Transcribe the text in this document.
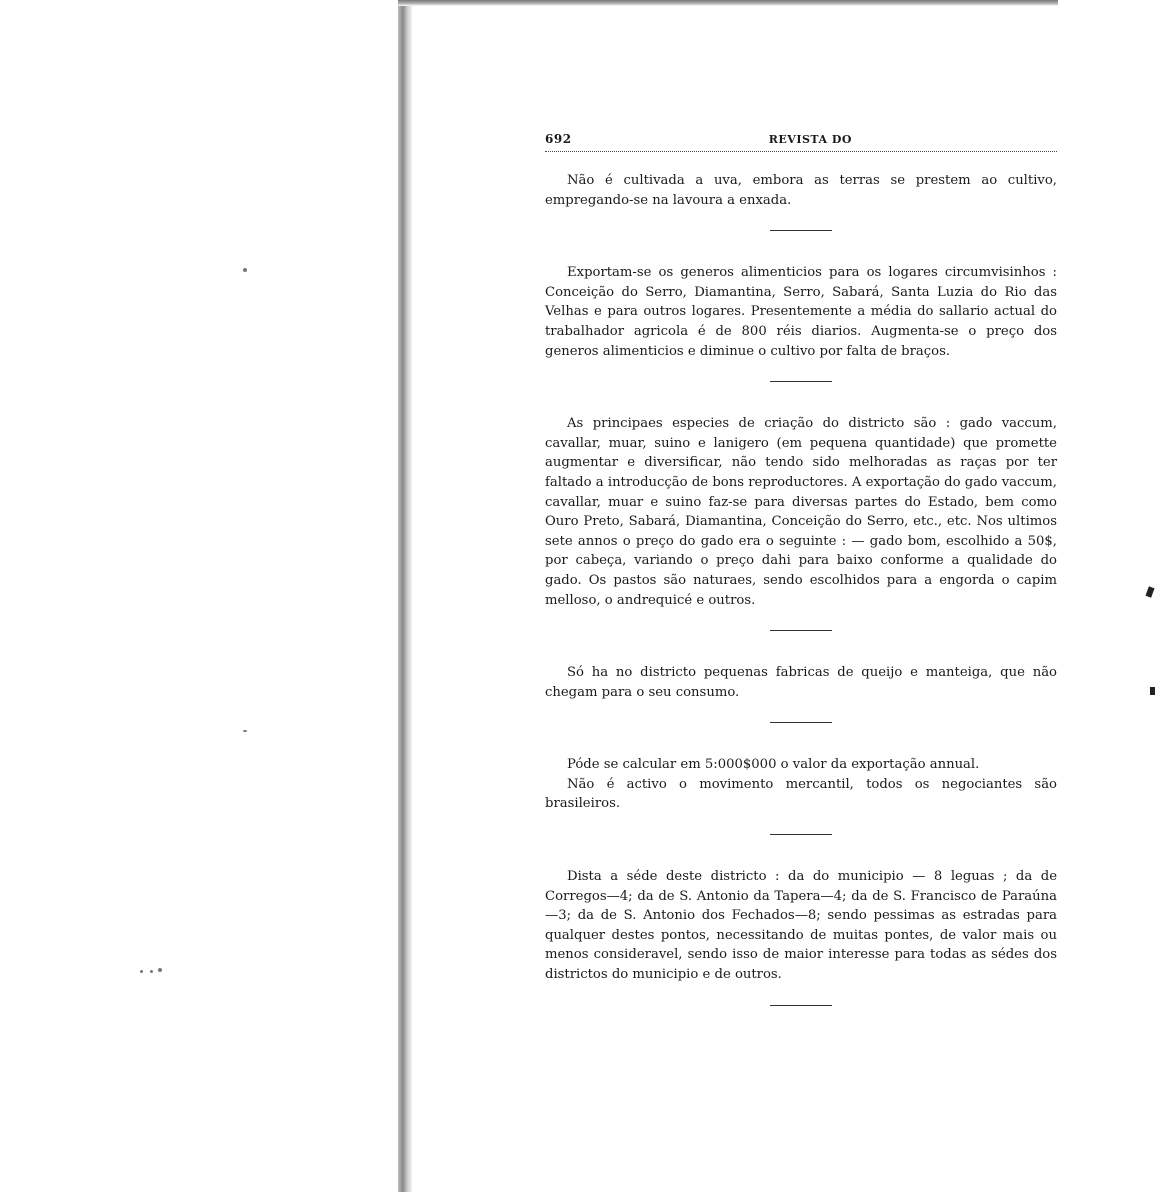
692	REVISTA DO

Não é cultivada a uva, embora as terras se prestem ao cultivo, empregando-se na lavoura a enxada.

Exportam-se os generos alimenticios para os logares circumvisinhos : Conceição do Serro, Diamantina, Serro, Sabará, Santa Luzia do Rio das Velhas e para outros logares. Presentemente a média do sallario actual do trabalhador agricola é de 800 réis diarios. Augmenta-se o preço dos generos alimenticios e diminue o cultivo por falta de braços.

As principaes especies de criação do districto são : gado vaccum, cavallar, muar, suino e lanigero (em pequena quantidade) que promette augmentar e diversificar, não tendo sido melhoradas as raças por ter faltado a introducção de bons reproductores. A exportação do gado vaccum, cavallar, muar e suino faz-se para diversas partes do Estado, bem como Ouro Preto, Sabará, Diamantina, Conceição do Serro, etc., etc. Nos ultimos sete annos o preço do gado era o seguinte : — gado bom, escolhido a 50$, por cabeça, variando o preço dahi para baixo conforme a qualidade do gado. Os pastos são naturaes, sendo escolhidos para a engorda o capim melloso, o andrequicé e outros.

Só ha no districto pequenas fabricas de queijo e manteiga, que não chegam para o seu consumo.

Póde se calcular em 5:000$000 o valor da exportação annual.

Não é activo o movimento mercantil, todos os negociantes são brasileiros.

Dista a séde deste districto : da do municipio — 8 leguas ; da de Corregos—4; da de S. Antonio da Tapera—4; da de S. Francisco de Paraúna—3; da de S. Antonio dos Fechados—8; sendo pessimas as estradas para qualquer destes pontos, necessitando de muitas pontes, de valor mais ou menos consideravel, sendo isso de maior interesse para todas as sédes dos districtos do municipio e de outros.
